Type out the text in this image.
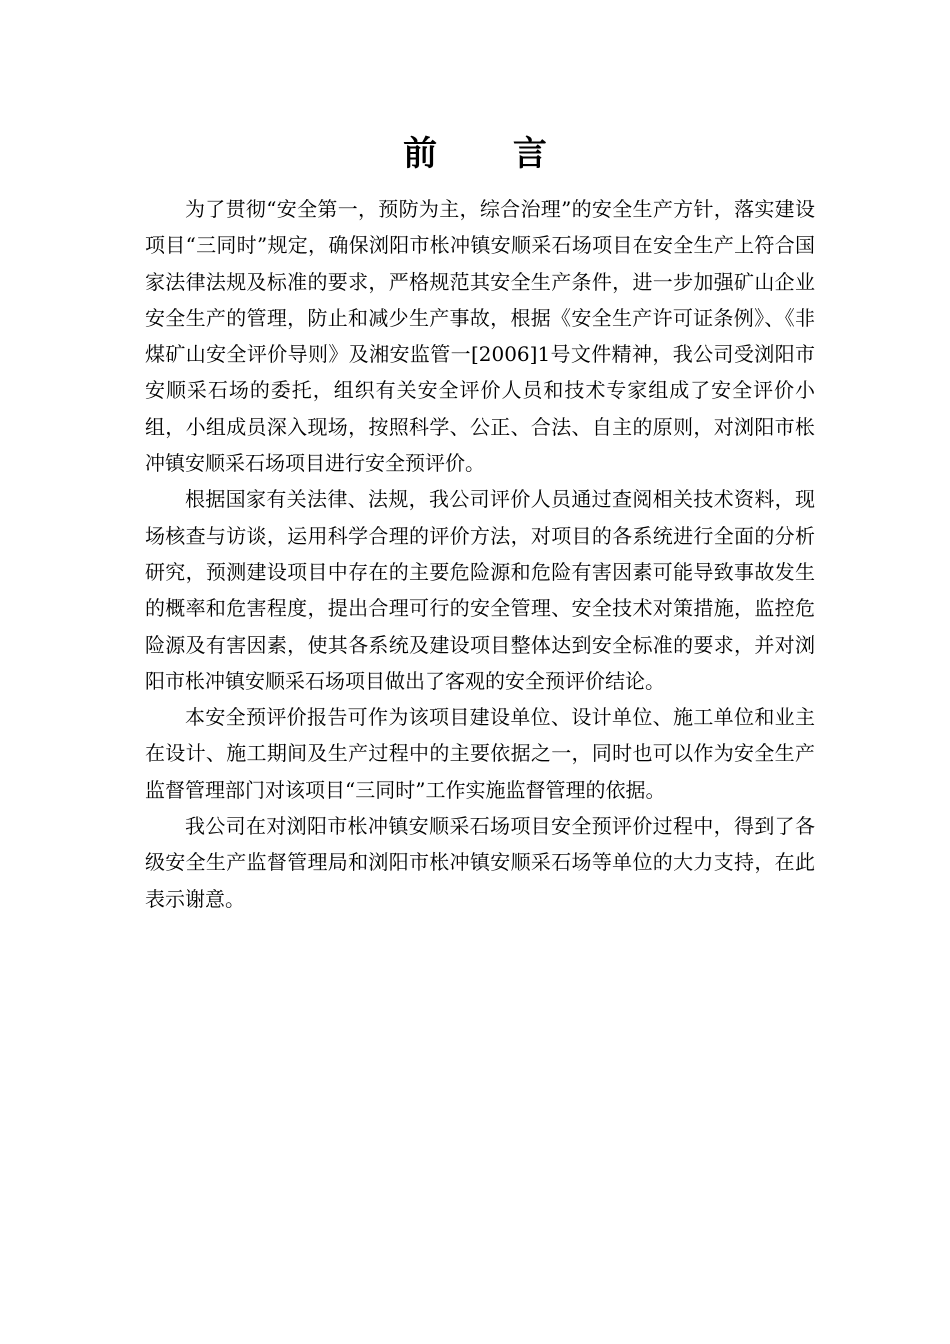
前 言

为了贯彻“安全第一，预防为主，综合治理”的安全生产方针，落实建设项目“三同时”规定，确保浏阳市枨冲镇安顺采石场项目在安全生产上符合国家法律法规及标准的要求，严格规范其安全生产条件，进一步加强矿山企业安全生产的管理，防止和减少生产事故，根据《安全生产许可证条例》、《非煤矿山安全评价导则》及湘安监管一[2006]1号文件精神，我公司受浏阳市安顺采石场的委托，组织有关安全评价人员和技术专家组成了安全评价小组，小组成员深入现场，按照科学、公正、合法、自主的原则，对浏阳市枨冲镇安顺采石场项目进行安全预评价。

根据国家有关法律、法规，我公司评价人员通过查阅相关技术资料，现场核查与访谈，运用科学合理的评价方法，对项目的各系统进行全面的分析研究，预测建设项目中存在的主要危险源和危险有害因素可能导致事故发生的概率和危害程度，提出合理可行的安全管理、安全技术对策措施，监控危险源及有害因素，使其各系统及建设项目整体达到安全标准的要求，并对浏阳市枨冲镇安顺采石场项目做出了客观的安全预评价结论。

本安全预评价报告可作为该项目建设单位、设计单位、施工单位和业主在设计、施工期间及生产过程中的主要依据之一，同时也可以作为安全生产监督管理部门对该项目“三同时”工作实施监督管理的依据。

我公司在对浏阳市枨冲镇安顺采石场项目安全预评价过程中，得到了各级安全生产监督管理局和浏阳市枨冲镇安顺采石场等单位的大力支持，在此表示谢意。
